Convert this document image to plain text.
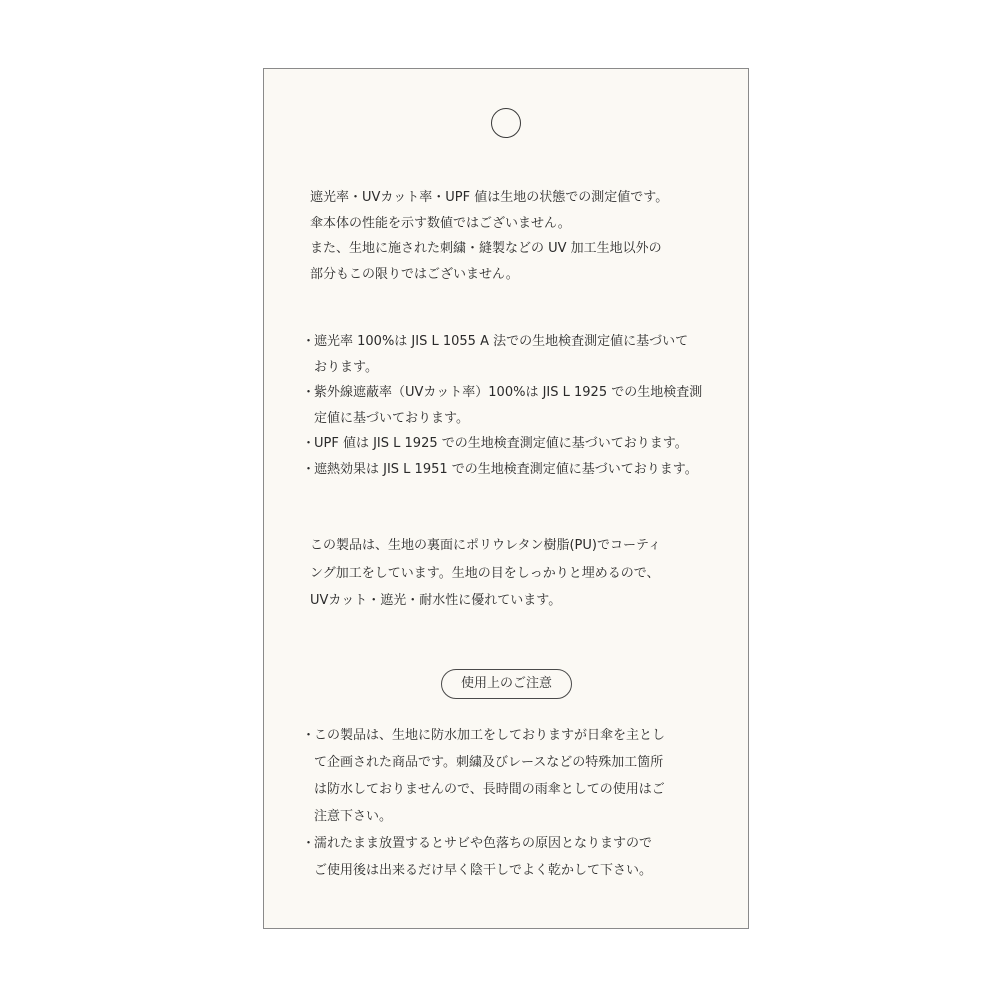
遮光率・UVカット率・UPF 値は生地の状態での測定値です。
傘本体の性能を示す数値ではございません。
また、生地に施された刺繍・縫製などの UV 加工生地以外の
部分もこの限りではございません。
・
遮光率 100%は JIS L 1055 A 法での生地検査測定値に基づいて
おります。
・
紫外線遮蔽率（UVカット率）100%は JIS L 1925 での生地検査測
定値に基づいております。
・
UPF 値は JIS L 1925 での生地検査測定値に基づいております。
・
遮熱効果は JIS L 1951 での生地検査測定値に基づいております。
この製品は、生地の裏面にポリウレタン樹脂(PU)でコーティ
ング加工をしています。生地の目をしっかりと埋めるので、
UVカット・遮光・耐水性に優れています。
使用上のご注意
・
この製品は、生地に防水加工をしておりますが日傘を主とし
て企画された商品です。刺繍及びレースなどの特殊加工箇所
は防水しておりませんので、長時間の雨傘としての使用はご
注意下さい。
・
濡れたまま放置するとサビや色落ちの原因となりますので
ご使用後は出来るだけ早く陰干しでよく乾かして下さい。
